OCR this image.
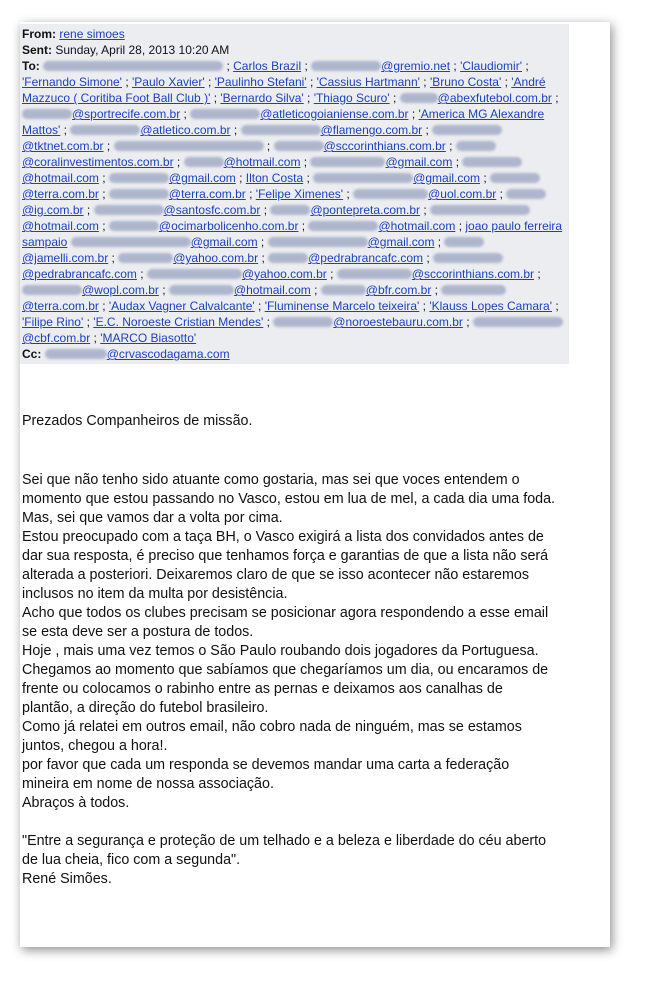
From: rene simoes
Sent: Sunday, April 28, 2013 10:20 AM
To:	; Carlos Brazil ;	@gremio.net ; 'Claudiomir' ; 'Fernando Simone' ; 'Paulo Xavier' ; 'Paulinho Stefani' ; 'Cassius Hartmann' ; 'Bruno Costa' ; 'André Mazzuco ( Coritiba Foot Ball Club )' ; 'Bernardo Silva' ; 'Thiago Scuro' ;	@abexfutebol.com.br ; @sportrecife.com.br ;	@atleticogoianiense.com.br ; 'America MG Alexandre Mattos' ;	@atletico.com.br ;	@flamengo.com.br ; @tktnet.com.br ;	;	@sccorinthians.com.br ; @coralinvestimentos.com.br ;	@hotmail.com ;	@gmail.com ; @hotmail.com ;	@gmail.com ; Ilton Costa ;	@gmail.com ; @terra.com.br ;	@terra.com.br ; 'Felipe Ximenes' ;	@uol.com.br ; @ig.com.br ;	@santosfc.com.br ;	@pontepreta.com.br ; @hotmail.com ;	@ocimarbolicenho.com.br ;	@hotmail.com ; joao paulo ferreira sampaio	@gmail.com ;	@gmail.com ; @jamelli.com.br ;	@yahoo.com.br ;	@pedrabrancafc.com ; @pedrabrancafc.com ;	@yahoo.com.br ;	@sccorinthians.com.br ; @wopl.com.br ;	@hotmail.com ;	@bfr.com.br ; @terra.com.br ; 'Audax Vagner Calvalcante' ; 'Fluminense Marcelo teixeira' ; 'Klauss Lopes Camara' ; 'Filipe Rino' ; 'E.C. Noroeste Cristian Mendes' ;	@noroestebauru.com.br ; @cbf.com.br ; 'MARCO Biasotto'
Cc:	@crvascodagama.com

Prezados Companheiros de missão.

Sei que não tenho sido atuante como gostaria, mas sei que voces entendem o

momento que estou passando no Vasco, estou em lua de mel, a cada dia uma foda.

Mas, sei que vamos dar a volta por cima.

Estou preocupado com a taça BH, o Vasco exigirá a lista dos convidados antes de

dar sua resposta, é preciso que tenhamos força e garantias de que a lista não será

alterada a posteriori. Deixaremos claro de que se isso acontecer não estaremos

inclusos no item da multa por desistência.

Acho que todos os clubes precisam se posicionar agora respondendo a esse email

se esta deve ser a postura de todos.

Hoje , mais uma vez temos o São Paulo roubando dois jogadores da Portuguesa.

Chegamos ao momento que sabíamos que chegaríamos um dia, ou encaramos de

frente ou colocamos o rabinho entre as pernas e deixamos aos canalhas de

plantão, a direção do futebol brasileiro.

Como já relatei em outros email, não cobro nada de ninguém, mas se estamos

juntos, chegou a hora!.

por favor que cada um responda se devemos mandar uma carta a federação

mineira em nome de nossa associação.

Abraços à todos.

"Entre a segurança e proteção de um telhado e a beleza e liberdade do céu aberto

de lua cheia, fico com a segunda".

René Simões.
